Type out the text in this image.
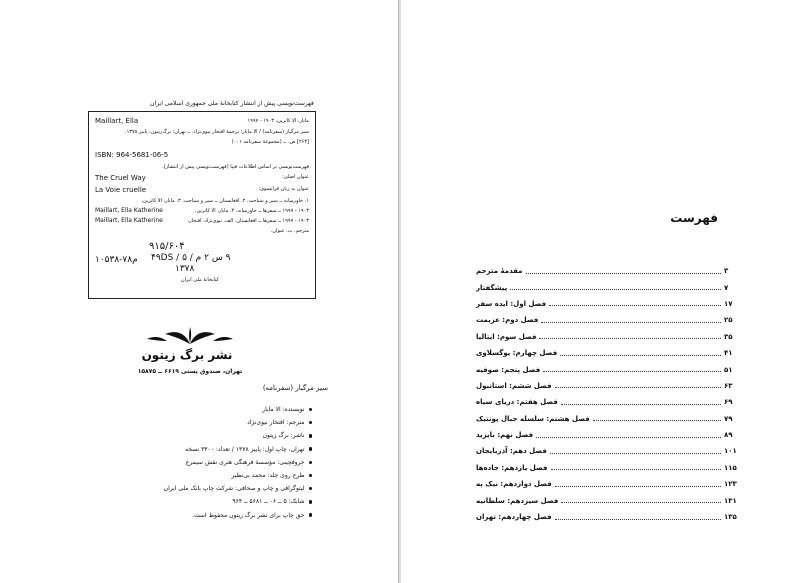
فهرست‌نویسی پیش از انتشار کتابخانهٔ ملی جمهوری اسلامی ایران
Maillart, Ella	مایار، الا کاترین، ۱۹۰۳ - ۱۹۹۷
سیر مرگبار (سفرنامه) / الا مایار؛ ترجمهٔ افتخار نیوی‌نژاد. ــ تهران: برگ‌زیتون، پاییز ۱۳۷۸.
[۲۶۳] ص. ــ (مجموعهٔ سفرنامه ۰۰۱)
ISBN: 964-5681-06-5
فهرست‌نویسی بر اساس اطلاعات فیپا (فهرست‌نویسی پیش از انتشار).
عنوان اصلی:
The Cruel Way
عنوان به زبان فرانسوی:
La Voie cruelle
۱. خاورمیانه ــ سیر و سیاحت. ۲. افغانستان ــ سیر و سیاحت. ۳. مایار، الا کاترین،
۱۹۰۳ - ۱۹۹۷ ــ سفرها ــ خاورمیانه. ۴. مایار، الا کاترین،
Maillart, Ella Katherine
۱۹۰۳ - ۱۹۹۷ ــ سفرها ــ افغانستان. الف. نیوی‌نژاد، افتخار،
Maillart, Ella Katherine
مترجم. ب. عنوان.
۹۱۵/۶۰۴
۹ س ۲ م / ۵ / ۴۹DS
م۷۸-۱۰۵۳۸
۱۳۷۸
کتابخانهٔ ملی ایران
نشر برگ زیتون
تهران، صندوق پستی ۶۶۱۹ ــ ۱۵۸۷۵
سیر مرگبار (سفرنامه)
نویسنده: الا مایار
مترجم: افتخار نیوی‌نژاد
ناشر: برگ زیتون
تهران، چاپ اول: پاییز ۱۳۷۸ / تعداد: ۳۳۰۰ نسخه
حروفچینی: مؤسسهٔ فرهنگی هنری نقش سیمرغ
طرح روی جلد: محمد بی‌نظیر
لیتوگرافی و چاپ و صحافی: شرکت چاپ بانک ملی ایران
شابک: ۵ ــ ۰۶ ــ ۵۶۸۱ ــ ۹۶۴
حق چاپ برای نشر برگ زیتون محفوظ است.
فهرست
مقدمهٔ مترجم	۳
پیشگفتار	۷
فصل اول: ایده سفر	۱۷
فصل دوم: عزیمت	۲۵
فصل سوم: ایتالیا	۳۵
فصل چهارم: یوگسلاوی	۴۱
فصل پنجم: صوفیه	۵۱
فصل ششم: استانبول	۶۳
فصل هفتم: دریای سیاه	۶۹
فصل هشتم: سلسله جبال پونتیک	۷۹
فصل نهم: بایزید	۸۹
فصل دهم: آذربایجان	۱۰۱
فصل یازدهم: جاده‌ها	۱۱۵
فصل دوازدهم: نیک په	۱۲۳
فصل سیزدهم: سلطانیه	۱۳۱
فصل چهاردهم: تهران	۱۳۵
